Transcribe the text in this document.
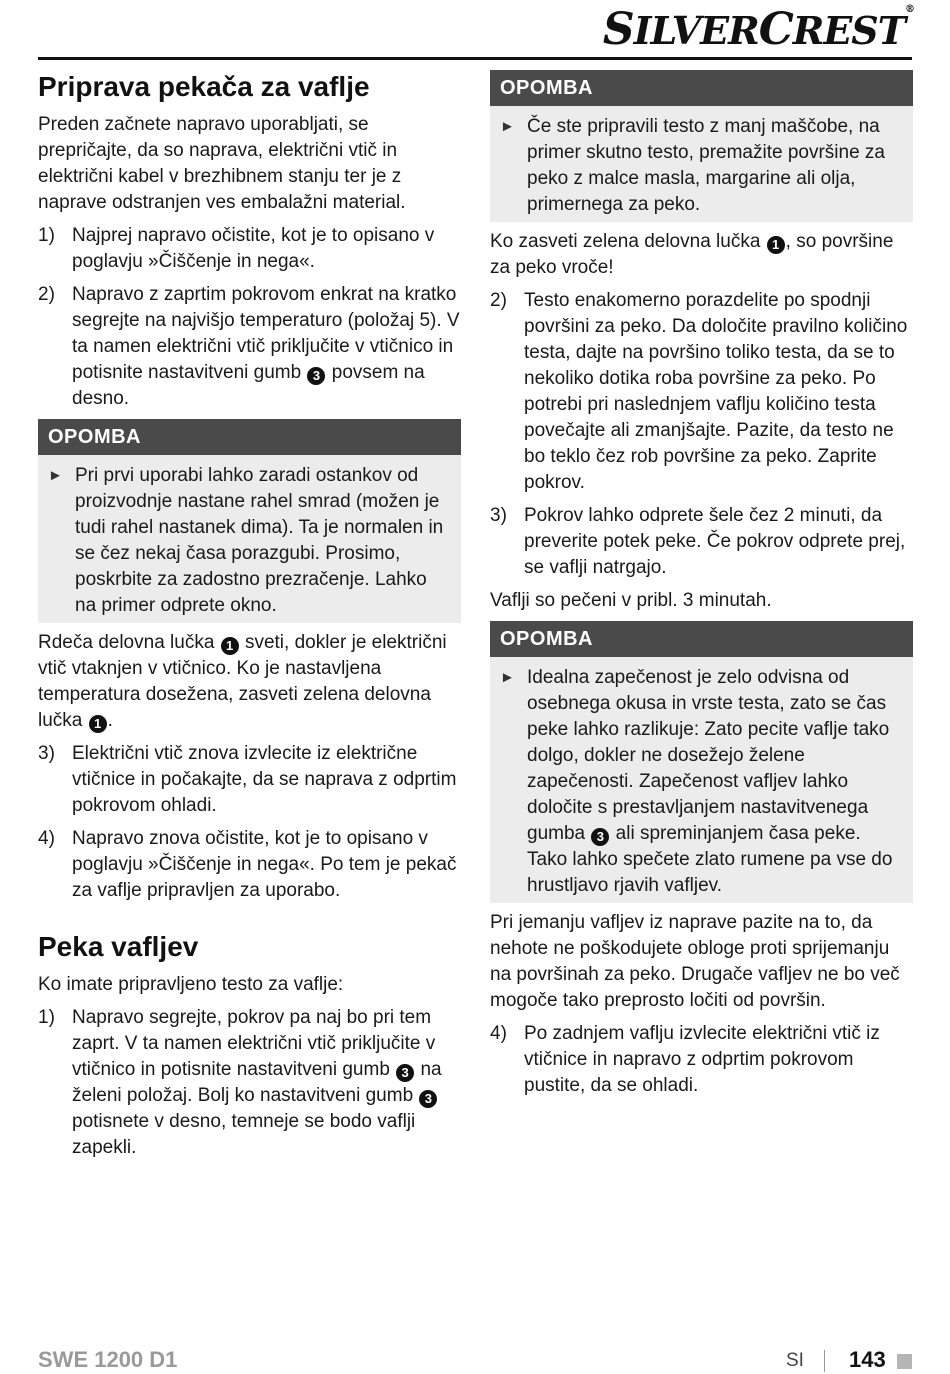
SILVERCREST®
Priprava pekača za vaflje

Preden začnete napravo uporabljati, se prepričajte, da so naprava, električni vtič in električni kabel v brezhibnem stanju ter je z naprave odstranjen ves embalažni material.

1) Najprej napravo očistite, kot je to opisano v poglavju »Čiščenje in nega«.
2) Napravo z zaprtim pokrovom enkrat na kratko segrejte na najvišjo temperaturo (položaj 5). V ta namen električni vtič priključite v vtičnico in potisnite nastavitveni gumb 3 povsem na desno.
OPOMBA
► Pri prvi uporabi lahko zaradi ostankov od proizvodnje nastane rahel smrad (možen je tudi rahel nastanek dima). Ta je normalen in se čez nekaj časa porazgubi. Prosimo, poskrbite za zadostno prezračenje. Lahko na primer odprete okno.

Rdeča delovna lučka 1 sveti, dokler je električni vtič vtaknjen v vtičnico. Ko je nastavljena temperatura dosežena, zasveti zelena delovna lučka 1 .

3) Električni vtič znova izvlecite iz električne vtičnice in počakajte, da se naprava z odprtim pokrovom ohladi.
4) Napravo znova očistite, kot je to opisano v poglavju »Čiščenje in nega«. Po tem je pekač za vaflje pripravljen za uporabo.
Peka vafljev

Ko imate pripravljeno testo za vaflje:

1) Napravo segrejte, pokrov pa naj bo pri tem zaprt. V ta namen električni vtič priključite v vtičnico in potisnite nastavitveni gumb 3 na želeni položaj. Bolj ko nastavitveni gumb 3 potisnete v desno, temneje se bodo vaflji zapekli.
OPOMBA
► Če ste pripravili testo z manj maščobe, na primer skutno testo, premažite površine za peko z malce masla, margarine ali olja, primernega za peko.

Ko zasveti zelena delovna lučka 1 , so površine za peko vroče!

2) Testo enakomerno porazdelite po spodnji površini za peko. Da določite pravilno količino testa, dajte na površino toliko testa, da se to nekoliko dotika roba površine za peko. Po potrebi pri naslednjem vaflju količino testa povečajte ali zmanjšajte. Pazite, da testo ne bo teklo čez rob površine za peko. Zaprite pokrov.
3) Pokrov lahko odprete šele čez 2 minuti, da preverite potek peke. Če pokrov odprete prej, se vaflji natrgajo.

Vaflji so pečeni v pribl. 3 minutah.

OPOMBA
► Idealna zapečenost je zelo odvisna od osebnega okusa in vrste testa, zato se čas peke lahko razlikuje: Zato pecite vaflje tako dolgo, dokler ne dosežejo želene zapečenosti. Zapečenost vafljev lahko določite s prestavljanjem nastavitvenega gumba 3 ali spreminjanjem časa peke. Tako lahko spečete zlato rumene pa vse do hrustljavo rjavih vafljev.

Pri jemanju vafljev iz naprave pazite na to, da nehote ne poškodujete obloge proti sprijemanju na površinah za peko. Drugače vafljev ne bo več mogoče tako preprosto ločiti od površin.

4) Po zadnjem vaflju izvlecite električni vtič iz vtičnice in napravo z odprtim pokrovom pustite, da se ohladi.
SWE 1200 D1	SI 143
